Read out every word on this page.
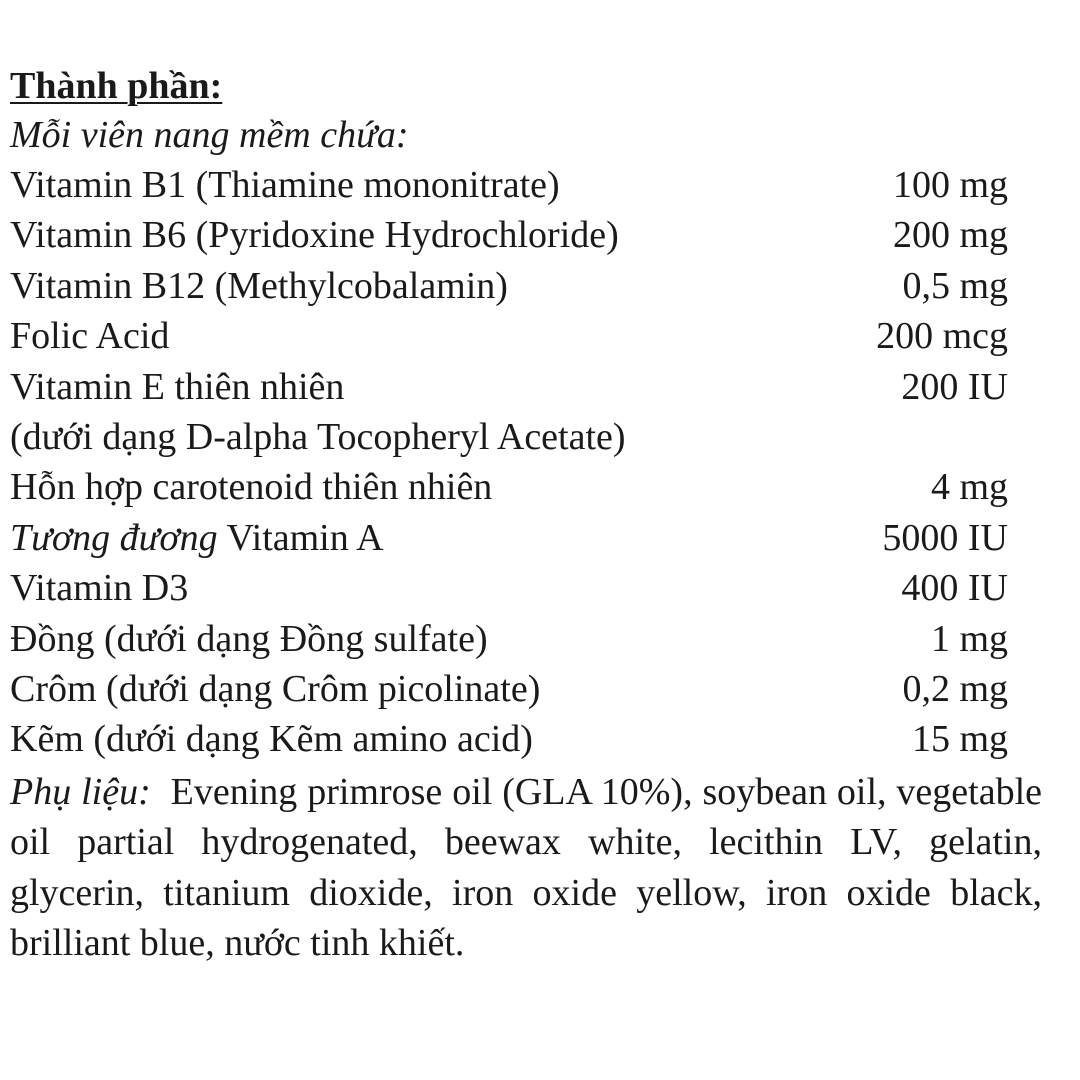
Thành phần:
Mỗi viên nang mềm chứa:
Vitamin B1 (Thiamine mononitrate)	100 mg
Vitamin B6 (Pyridoxine Hydrochloride)	200 mg
Vitamin B12 (Methylcobalamin)	0,5 mg
Folic Acid	200 mcg
Vitamin E thiên nhiên	200 IU
(dưới dạng D-alpha Tocopheryl Acetate)
Hỗn hợp carotenoid thiên nhiên	4 mg
Tương đương Vitamin A	5000 IU
Vitamin D3	400 IU
Đồng (dưới dạng Đồng sulfate)	1 mg
Crôm (dưới dạng Crôm picolinate)	0,2 mg
Kẽm (dưới dạng Kẽm amino acid)	15 mg
Phụ liệu: Evening primrose oil (GLA 10%), soybean oil, vegetable oil partial hydrogenated, beewax white, lecithin LV, gelatin, glycerin, titanium dioxide, iron oxide yellow, iron oxide black, brilliant blue, nước tinh khiết.
